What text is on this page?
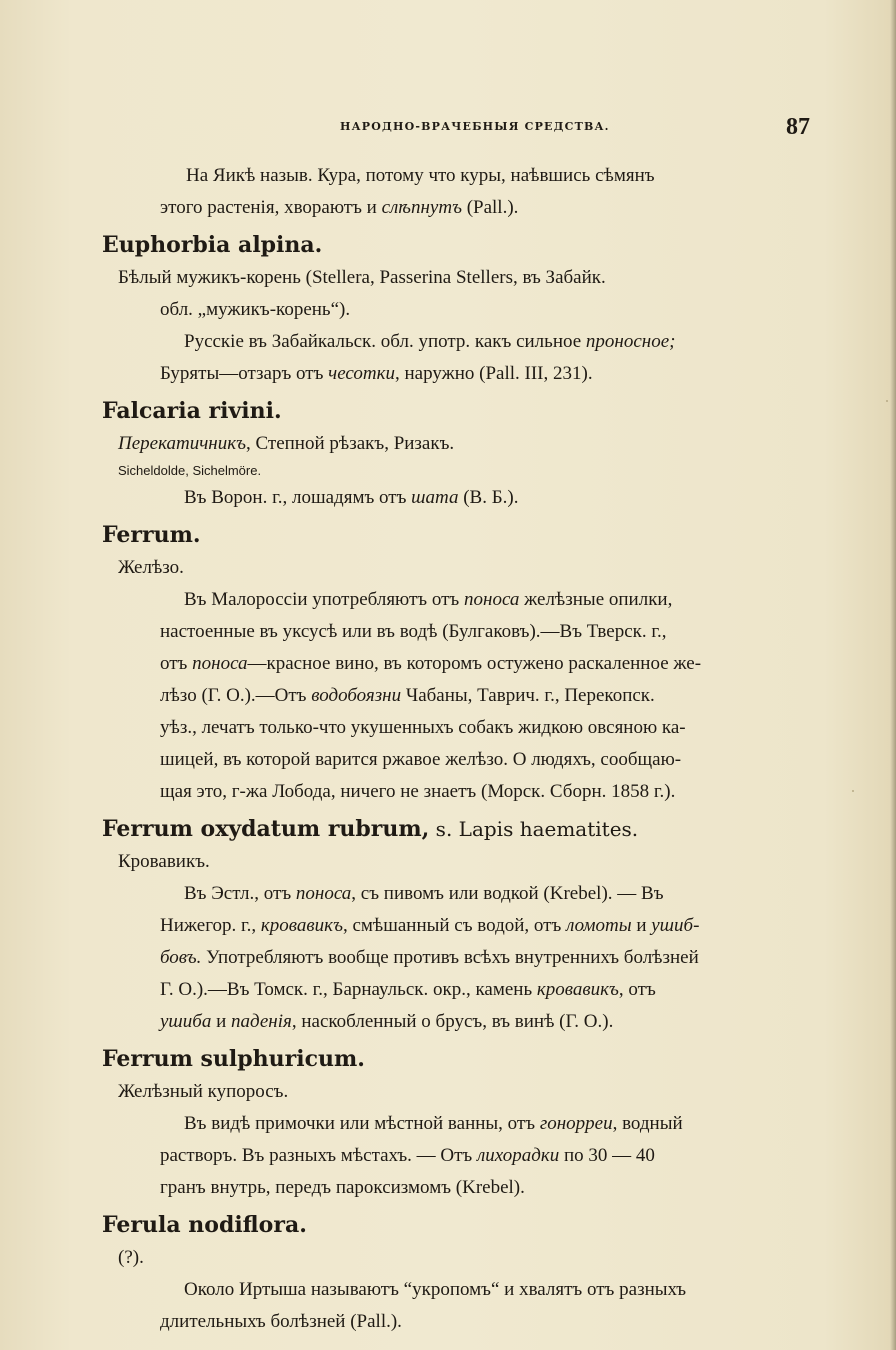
НАРОДНО-ВРАЧЕБНЫЯ СРЕДСТВА.	87

На Яикѣ назыв. Кура, потому что куры, наѣвшись сѣмянъ

этого растенія, хвораютъ и слѣпнутъ (Pall.).

Euphorbia alpina.

Бѣлый мужикъ-корень (Stellera, Passerina Stellers, въ Забайк.

обл. „мужикъ-корень“).

Русскіе въ Забайкальск. обл. употр. какъ сильное проносное;

Буряты—отзаръ отъ чесотки, наружно (Pall. III, 231).

Falcaria rivini.

Перекатичникъ, Степной рѣзакъ, Ризакъ.

Sicheldolde, Sichelmöre.

Въ Ворон. г., лошадямъ отъ шата (В. Б.).

Ferrum.

Желѣзо.

Въ Малороссіи употребляютъ отъ поноса желѣзные опилки,

настоенные въ уксусѣ или въ водѣ (Булгаковъ).—Въ Тверск. г.,

отъ поноса—красное вино, въ которомъ остужено раскаленное же-

лѣзо (Г. О.).—Отъ водобоязни Чабаны, Таврич. г., Перекопск.

уѣз., лечатъ только-что укушенныхъ собакъ жидкою овсяною ка-

шицей, въ которой варится ржавое желѣзо. О людяхъ, сообщаю-

щая это, г-жа Лобода, ничего не знаетъ (Морск. Сборн. 1858 г.).

Ferrum oxydatum rubrum, s. Lapis haematites.

Кровавикъ.

Въ Эстл., отъ поноса, съ пивомъ или водкой (Krebel). — Въ

Нижегор. г., кровавикъ, смѣшанный съ водой, отъ ломоты и ушиб-

бовъ. Употребляютъ вообще противъ всѣхъ внутреннихъ болѣзней

Г. О.).—Въ Томск. г., Барнаульск. окр., камень кровавикъ, отъ

ушиба и паденія, наскобленный о брусъ, въ винѣ (Г. О.).

Ferrum sulphuricum.

Желѣзный купоросъ.

Въ видѣ примочки или мѣстной ванны, отъ гонорреи, водный

растворъ. Въ разныхъ мѣстахъ. — Отъ лихорадки по 30 — 40

гранъ внутрь, передъ пароксизмомъ (Krebel).

Ferula nodiflora.

(?).

Около Иртыша называютъ “укропомъ“ и хвалятъ отъ разныхъ

длительныхъ болѣзней (Pall.).
